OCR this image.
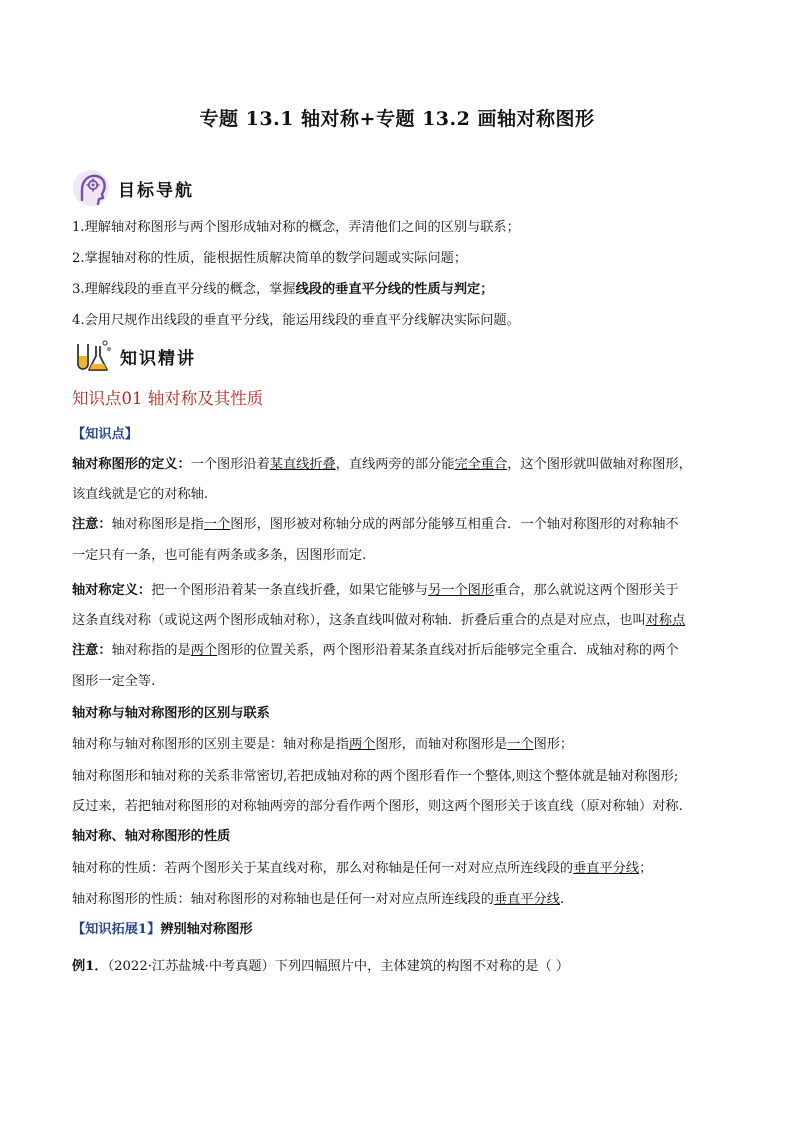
专题 13.1 轴对称+专题 13.2 画轴对称图形
目标导航
1.理解轴对称图形与两个图形成轴对称的概念，弄清他们之间的区别与联系；
2.掌握轴对称的性质，能根据性质解决简单的数学问题或实际问题；
3.理解线段的垂直平分线的概念，掌握线段的垂直平分线的性质与判定；
4.会用尺规作出线段的垂直平分线，能运用线段的垂直平分线解决实际问题。
知识精讲
知识点01 轴对称及其性质
【知识点】
轴对称图形的定义：一个图形沿着某直线折叠，直线两旁的部分能完全重合，这个图形就叫做轴对称图形，
该直线就是它的对称轴.
注意：轴对称图形是指一个图形，图形被对称轴分成的两部分能够互相重合．一个轴对称图形的对称轴不
一定只有一条，也可能有两条或多条，因图形而定.
轴对称定义：把一个图形沿着某一条直线折叠，如果它能够与另一个图形重合，那么就说这两个图形关于
这条直线对称（或说这两个图形成轴对称），这条直线叫做对称轴．折叠后重合的点是对应点，也叫对称点
注意：轴对称指的是两个图形的位置关系，两个图形沿着某条直线对折后能够完全重合．成轴对称的两个
图形一定全等.
轴对称与轴对称图形的区别与联系
轴对称与轴对称图形的区别主要是：轴对称是指两个图形，而轴对称图形是一个图形；
轴对称图形和轴对称的关系非常密切,若把成轴对称的两个图形看作一个整体,则这个整体就是轴对称图形;
反过来，若把轴对称图形的对称轴两旁的部分看作两个图形，则这两个图形关于该直线（原对称轴）对称.
轴对称、轴对称图形的性质
轴对称的性质：若两个图形关于某直线对称，那么对称轴是任何一对对应点所连线段的垂直平分线；
轴对称图形的性质：轴对称图形的对称轴也是任何一对对应点所连线段的垂直平分线.
【知识拓展1】辨别轴对称图形
例1．（2022·江苏盐城·中考真题）下列四幅照片中，主体建筑的构图不对称的是（ ）
